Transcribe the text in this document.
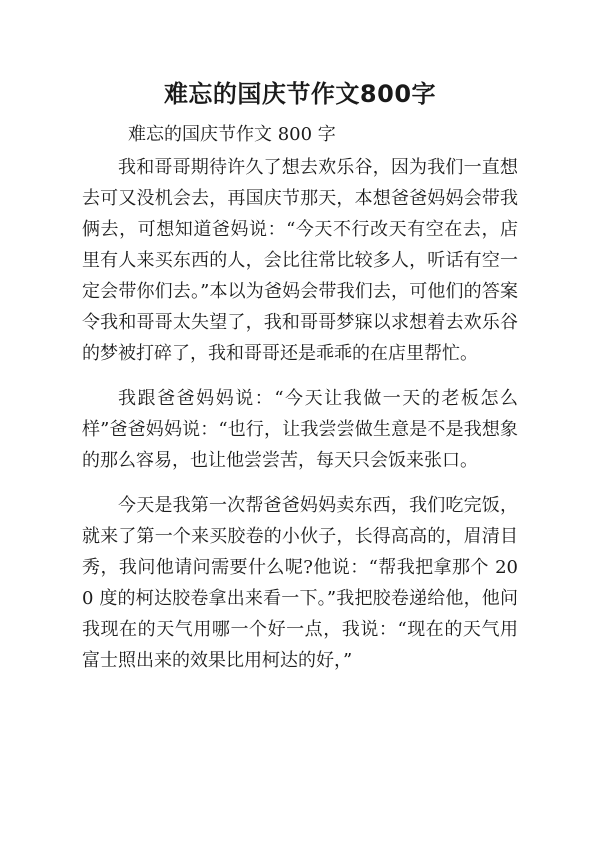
难忘的国庆节作文800字
难忘的国庆节作文 800 字

我和哥哥期待许久了想去欢乐谷，因为我们一直想去可又没机会去，再国庆节那天，本想爸爸妈妈会带我俩去，可想知道爸妈说：“今天不行改天有空在去，店里有人来买东西的人，会比往常比较多人，听话有空一定会带你们去。”本以为爸妈会带我们去，可他们的答案令我和哥哥太失望了，我和哥哥梦寐以求想着去欢乐谷的梦被打碎了，我和哥哥还是乖乖的在店里帮忙。

我跟爸爸妈妈说：“今天让我做一天的老板怎么样”爸爸妈妈说：“也行，让我尝尝做生意是不是我想象的那么容易，也让他尝尝苦，每天只会饭来张口。

今天是我第一次帮爸爸妈妈卖东西，我们吃完饭，就来了第一个来买胶卷的小伙子，长得高高的，眉清目秀，我问他请问需要什么呢?他说：“帮我把拿那个 200 度的柯达胶卷拿出来看一下。”我把胶卷递给他，他问我现在的天气用哪一个好一点，我说：“现在的天气用富士照出来的效果比用柯达的好，”
